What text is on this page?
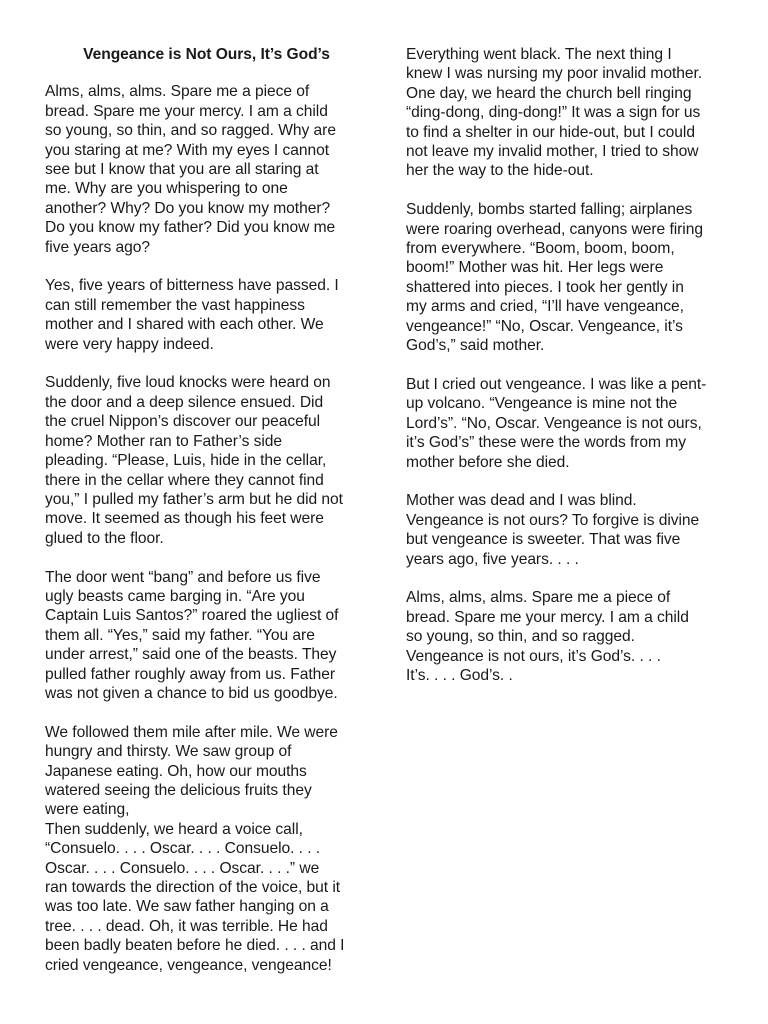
Vengeance is Not Ours, It’s God’s

Alms, alms, alms. Spare me a piece of
bread. Spare me your mercy. I am a child
so young, so thin, and so ragged. Why are
you staring at me? With my eyes I cannot
see but I know that you are all staring at
me. Why are you whispering to one
another? Why? Do you know my mother?
Do you know my father? Did you know me
five years ago?

Yes, five years of bitterness have passed. I
can still remember the vast happiness
mother and I shared with each other. We
were very happy indeed.

Suddenly, five loud knocks were heard on
the door and a deep silence ensued. Did
the cruel Nippon’s discover our peaceful
home? Mother ran to Father’s side
pleading. “Please, Luis, hide in the cellar,
there in the cellar where they cannot find
you,” I pulled my father’s arm but he did not
move. It seemed as though his feet were
glued to the floor.

The door went “bang” and before us five
ugly beasts came barging in. “Are you
Captain Luis Santos?” roared the ugliest of
them all. “Yes,” said my father. “You are
under arrest,” said one of the beasts. They
pulled father roughly away from us. Father
was not given a chance to bid us goodbye.

We followed them mile after mile. We were
hungry and thirsty. We saw group of
Japanese eating. Oh, how our mouths
watered seeing the delicious fruits they
were eating,

Then suddenly, we heard a voice call,
“Consuelo. . . . Oscar. . . . Consuelo. . . .
Oscar. . . . Consuelo. . . . Oscar. . . .” we
ran towards the direction of the voice, but it
was too late. We saw father hanging on a
tree. . . . dead. Oh, it was terrible. He had
been badly beaten before he died. . . . and I
cried vengeance, vengeance, vengeance!

Everything went black. The next thing I
knew I was nursing my poor invalid mother.
One day, we heard the church bell ringing
“ding-dong, ding-dong!” It was a sign for us
to find a shelter in our hide-out, but I could
not leave my invalid mother, I tried to show
her the way to the hide-out.

Suddenly, bombs started falling; airplanes
were roaring overhead, canyons were firing
from everywhere. “Boom, boom, boom,
boom!” Mother was hit. Her legs were
shattered into pieces. I took her gently in
my arms and cried, “I’ll have vengeance,
vengeance!” “No, Oscar. Vengeance, it’s
God’s,” said mother.

But I cried out vengeance. I was like a pent-
up volcano. “Vengeance is mine not the
Lord’s”. “No, Oscar. Vengeance is not ours,
it’s God’s” these were the words from my
mother before she died.

Mother was dead and I was blind.
Vengeance is not ours? To forgive is divine
but vengeance is sweeter. That was five
years ago, five years. . . .

Alms, alms, alms. Spare me a piece of
bread. Spare me your mercy. I am a child
so young, so thin, and so ragged.
Vengeance is not ours, it’s God’s. . . .
It’s. . . . God’s. .
